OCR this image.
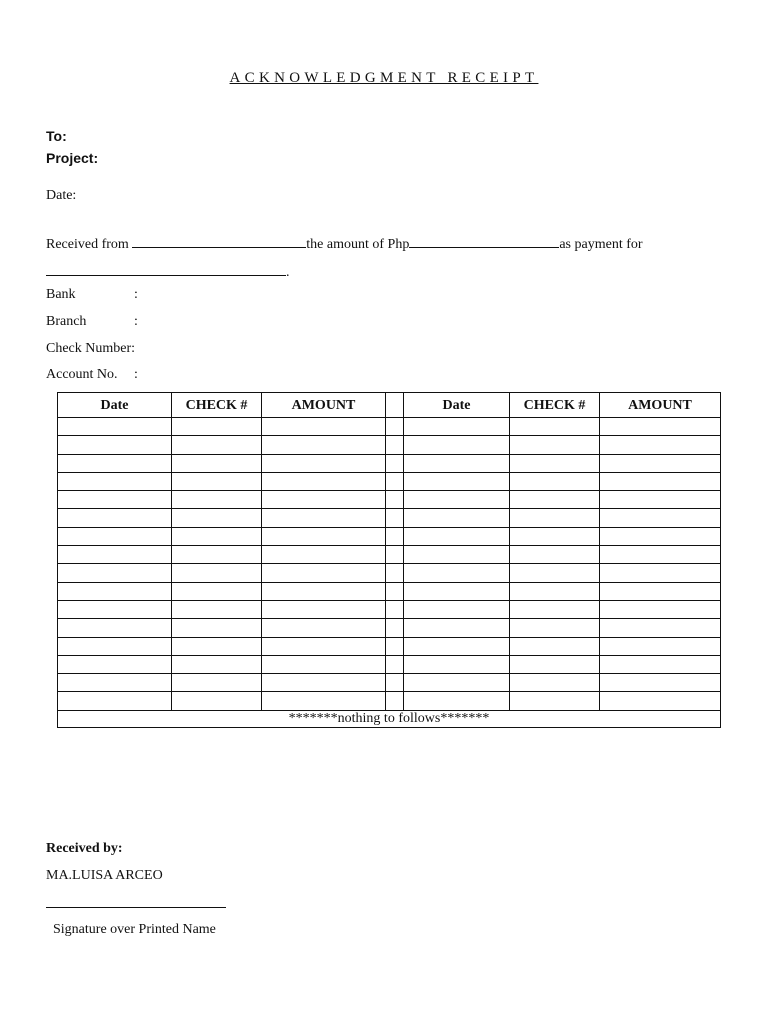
ACKNOWLEDGMENT RECEIPT
To:
Project:
Date:
Received from	the amount of Php	as payment for
.
Bank	:
Branch	:
Check Number:
Account No. :
Date	CHECK #	AMOUNT		Date	CHECK #	AMOUNT

*******nothing to follows*******						
Received by:
MA.LUISA ARCEO
Signature over Printed Name
